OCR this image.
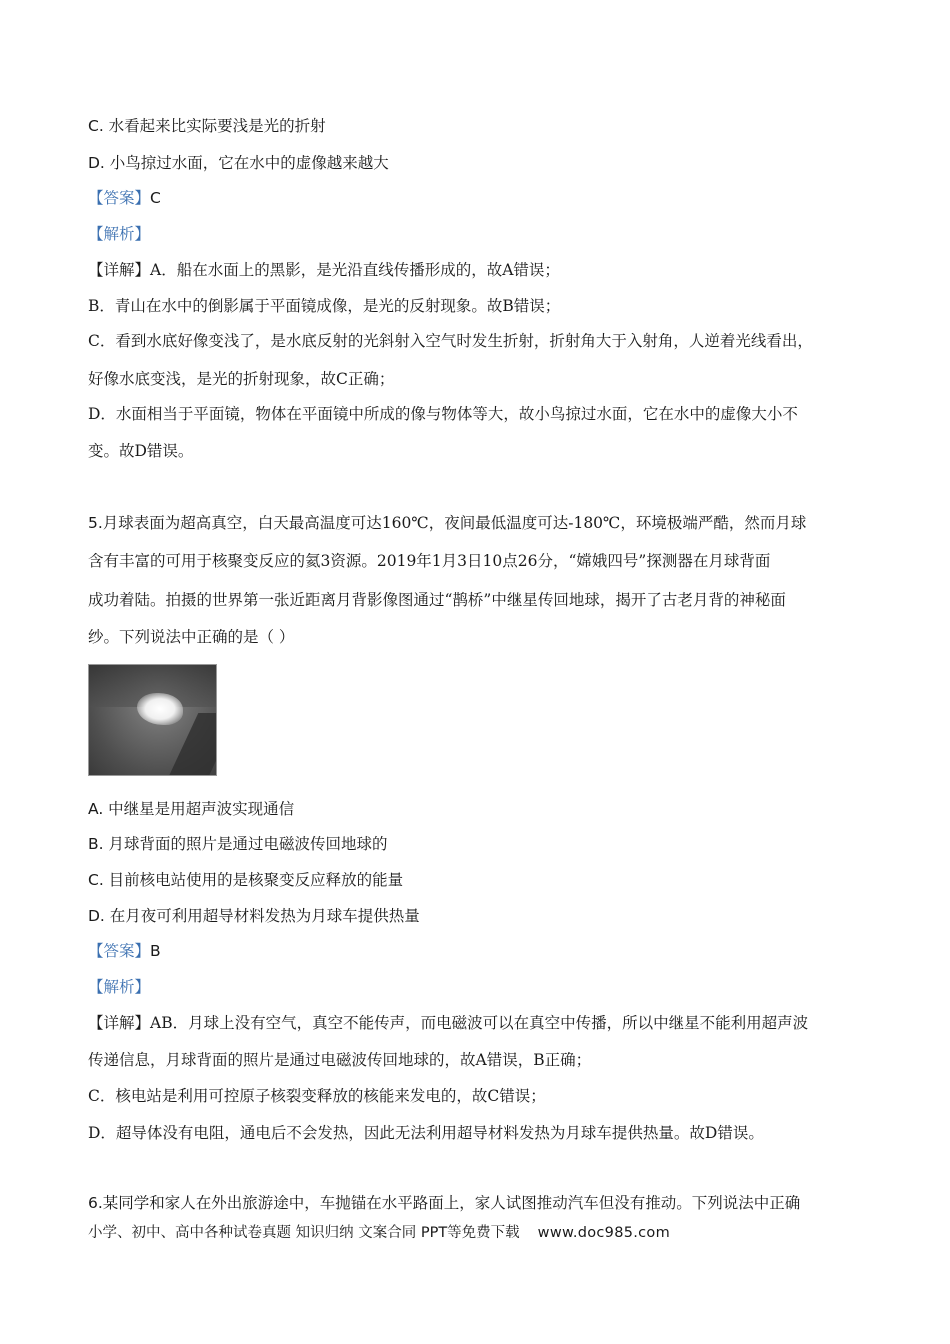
C. 水看起来比实际要浅是光的折射
D. 小鸟掠过水面，它在水中的虚像越来越大
【答案】C
【解析】
【详解】A．船在水面上的黑影，是光沿直线传播形成的，故A错误；
B．青山在水中的倒影属于平面镜成像，是光的反射现象。故B错误；
C．看到水底好像变浅了，是水底反射的光斜射入空气时发生折射，折射角大于入射角，人逆着光线看出，
好像水底变浅，是光的折射现象，故C正确；
D．水面相当于平面镜，物体在平面镜中所成的像与物体等大，故小鸟掠过水面，它在水中的虚像大小不
变。故D错误。
5.月球表面为超高真空，白天最高温度可达160℃，夜间最低温度可达-180℃，环境极端严酷，然而月球
含有丰富的可用于核聚变反应的氦3资源。2019年1月3日10点26分，“嫦娥四号”探测器在月球背面
成功着陆。拍摄的世界第一张近距离月背影像图通过“鹊桥”中继星传回地球，揭开了古老月背的神秘面
纱。下列说法中正确的是（ ）
A. 中继星是用超声波实现通信
B. 月球背面的照片是通过电磁波传回地球的
C. 目前核电站使用的是核聚变反应释放的能量
D. 在月夜可利用超导材料发热为月球车提供热量
【答案】B
【解析】
【详解】AB．月球上没有空气，真空不能传声，而电磁波可以在真空中传播，所以中继星不能利用超声波
传递信息，月球背面的照片是通过电磁波传回地球的，故A错误，B正确；
C．核电站是利用可控原子核裂变释放的核能来发电的，故C错误；
D．超导体没有电阻，通电后不会发热，因此无法利用超导材料发热为月球车提供热量。故D错误。
6.某同学和家人在外出旅游途中，车抛锚在水平路面上，家人试图推动汽车但没有推动。下列说法中正确
小学、初中、高中各种试卷真题 知识归纳 文案合同 PPT等免费下载 www.doc985.com
